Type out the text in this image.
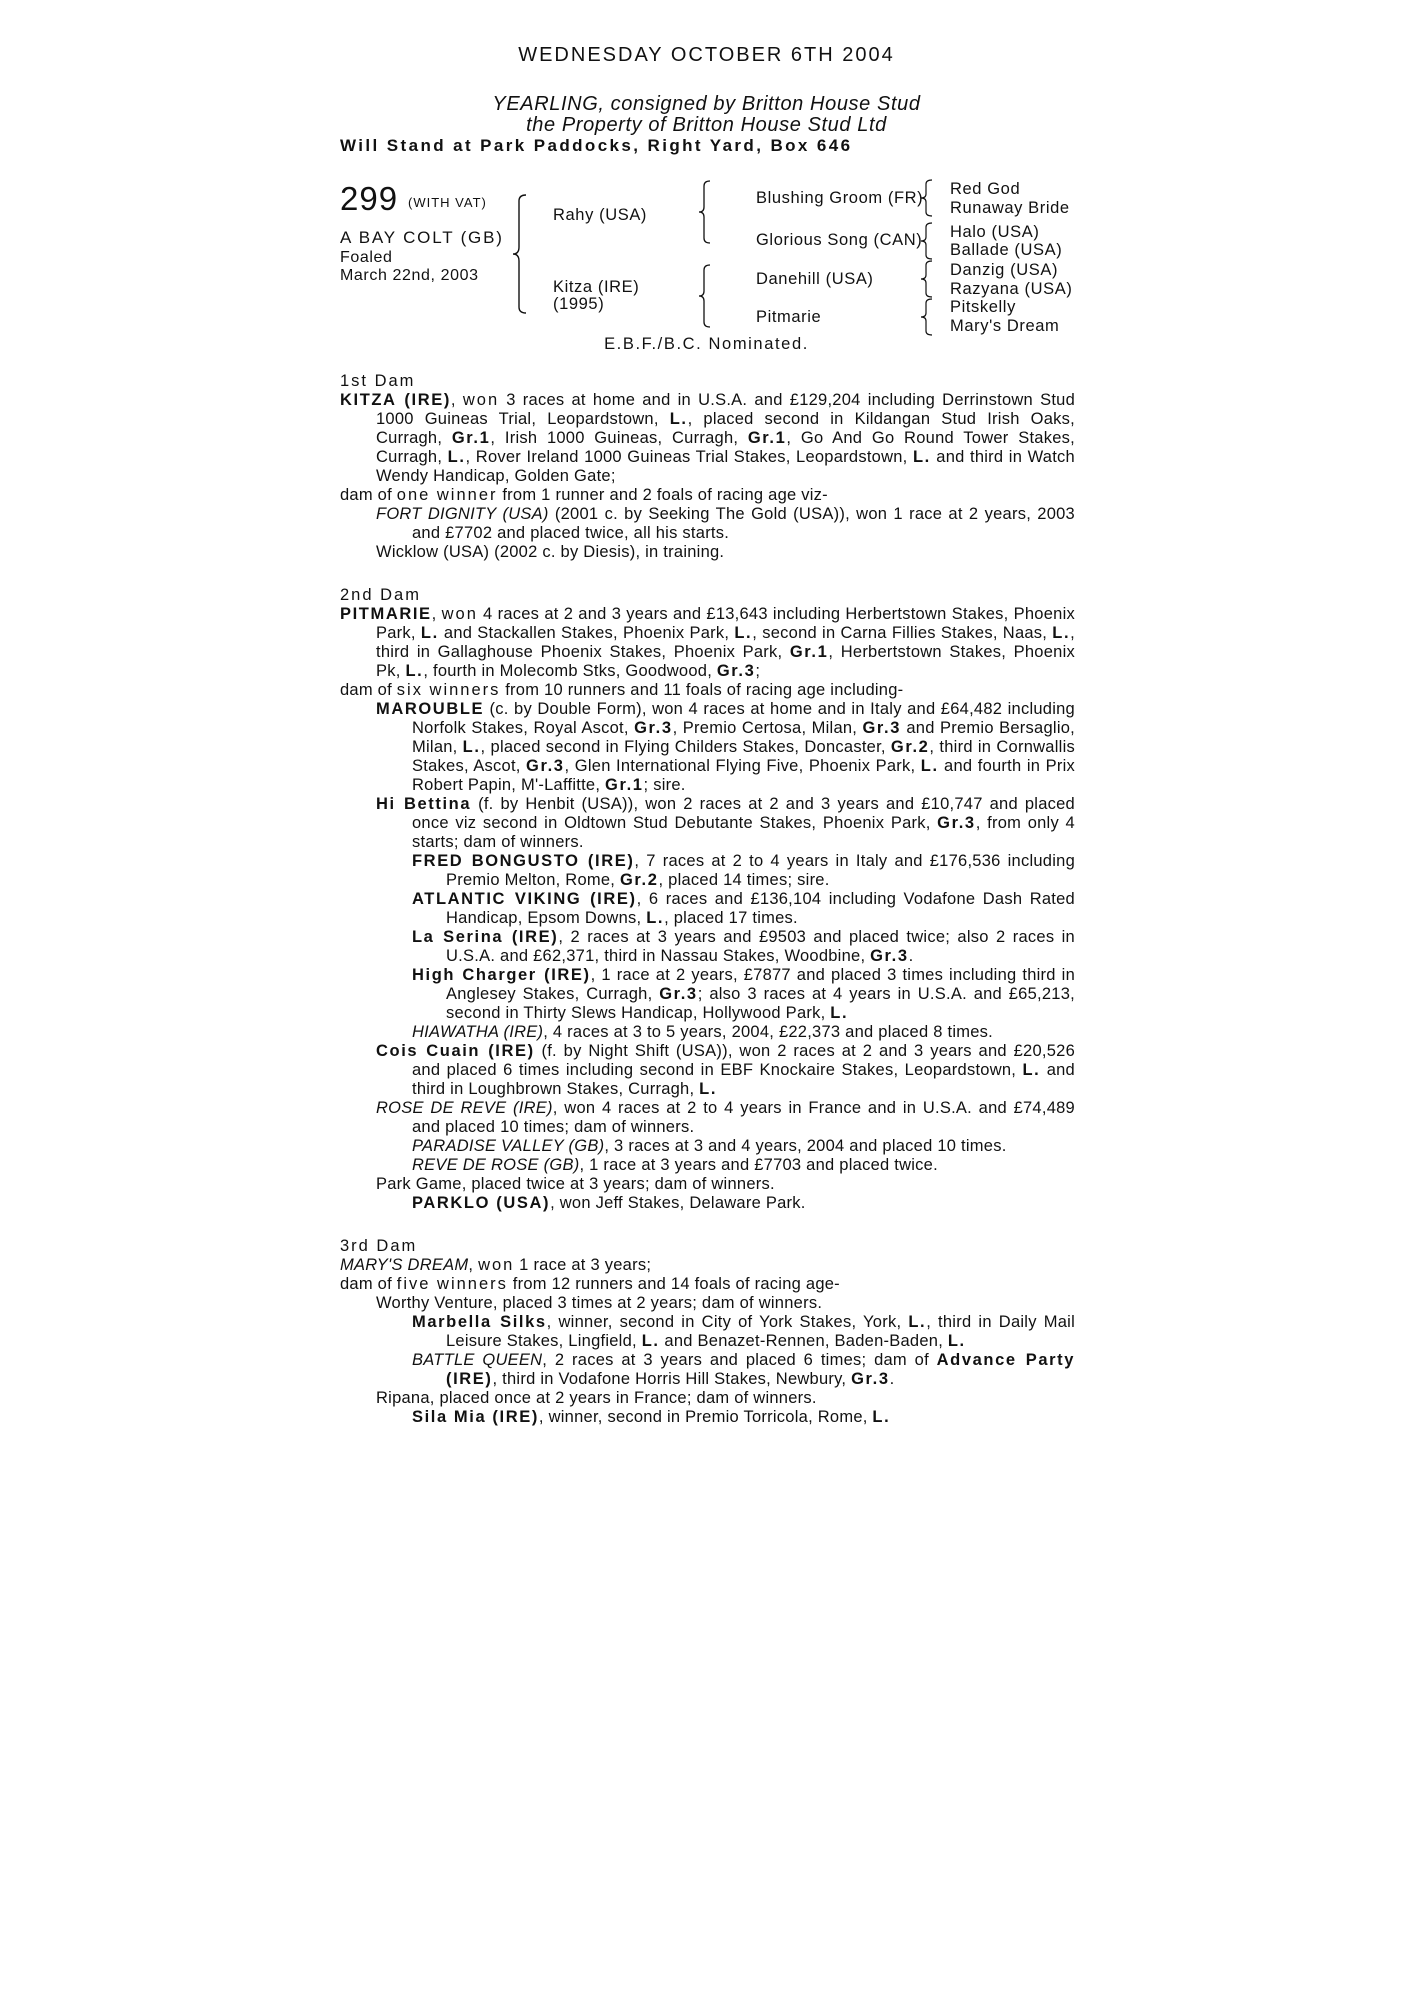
WEDNESDAY OCTOBER 6TH 2004
YEARLING, consigned by Britton House Stud
the Property of Britton House Stud Ltd
Will Stand at Park Paddocks, Right Yard, Box 646
299 (WITH VAT)
A BAY COLT (GB)
Foaled
March 22nd, 2003
Rahy (USA)
Kitza (IRE)
(1995)
Blushing Groom (FR)
Glorious Song (CAN)
Danehill (USA)
Pitmarie
Red God
Runaway Bride
Halo (USA)
Ballade (USA)
Danzig (USA)
Razyana (USA)
Pitskelly
Mary's Dream
E.B.F./B.C. Nominated.
1st Dam
KITZA (IRE), won 3 races at home and in U.S.A. and £129,204 including Derrinstown Stud 1000 Guineas Trial, Leopardstown, L., placed second in Kildangan Stud Irish Oaks, Curragh, Gr.1, Irish 1000 Guineas, Curragh, Gr.1, Go And Go Round Tower Stakes, Curragh, L., Rover Ireland 1000 Guineas Trial Stakes, Leopardstown, L. and third in Watch Wendy Handicap, Golden Gate;
dam of one winner from 1 runner and 2 foals of racing age viz-
FORT DIGNITY (USA) (2001 c. by Seeking The Gold (USA)), won 1 race at 2 years, 2003 and £7702 and placed twice, all his starts.
Wicklow (USA) (2002 c. by Diesis), in training.
2nd Dam
PITMARIE, won 4 races at 2 and 3 years and £13,643 including Herbertstown Stakes, Phoenix Park, L. and Stackallen Stakes, Phoenix Park, L., second in Carna Fillies Stakes, Naas, L., third in Gallaghouse Phoenix Stakes, Phoenix Park, Gr.1, Herbertstown Stakes, Phoenix Pk, L., fourth in Molecomb Stks, Goodwood, Gr.3;
dam of six winners from 10 runners and 11 foals of racing age including-
MAROUBLE (c. by Double Form), won 4 races at home and in Italy and £64,482 including Norfolk Stakes, Royal Ascot, Gr.3, Premio Certosa, Milan, Gr.3 and Premio Bersaglio, Milan, L., placed second in Flying Childers Stakes, Doncaster, Gr.2, third in Cornwallis Stakes, Ascot, Gr.3, Glen International Flying Five, Phoenix Park, L. and fourth in Prix Robert Papin, M'-Laffitte, Gr.1; sire.
Hi Bettina (f. by Henbit (USA)), won 2 races at 2 and 3 years and £10,747 and placed once viz second in Oldtown Stud Debutante Stakes, Phoenix Park, Gr.3, from only 4 starts; dam of winners.
FRED BONGUSTO (IRE), 7 races at 2 to 4 years in Italy and £176,536 including Premio Melton, Rome, Gr.2, placed 14 times; sire.
ATLANTIC VIKING (IRE), 6 races and £136,104 including Vodafone Dash Rated Handicap, Epsom Downs, L., placed 17 times.
La Serina (IRE), 2 races at 3 years and £9503 and placed twice; also 2 races in U.S.A. and £62,371, third in Nassau Stakes, Woodbine, Gr.3.
High Charger (IRE), 1 race at 2 years, £7877 and placed 3 times including third in Anglesey Stakes, Curragh, Gr.3; also 3 races at 4 years in U.S.A. and £65,213, second in Thirty Slews Handicap, Hollywood Park, L.
HIAWATHA (IRE), 4 races at 3 to 5 years, 2004, £22,373 and placed 8 times.
Cois Cuain (IRE) (f. by Night Shift (USA)), won 2 races at 2 and 3 years and £20,526 and placed 6 times including second in EBF Knockaire Stakes, Leopardstown, L. and third in Loughbrown Stakes, Curragh, L.
ROSE DE REVE (IRE), won 4 races at 2 to 4 years in France and in U.S.A. and £74,489 and placed 10 times; dam of winners.
PARADISE VALLEY (GB), 3 races at 3 and 4 years, 2004 and placed 10 times.
REVE DE ROSE (GB), 1 race at 3 years and £7703 and placed twice.
Park Game, placed twice at 3 years; dam of winners.
PARKLO (USA), won Jeff Stakes, Delaware Park.
3rd Dam
MARY'S DREAM, won 1 race at 3 years;
dam of five winners from 12 runners and 14 foals of racing age-
Worthy Venture, placed 3 times at 2 years; dam of winners.
Marbella Silks, winner, second in City of York Stakes, York, L., third in Daily Mail Leisure Stakes, Lingfield, L. and Benazet-Rennen, Baden-Baden, L.
BATTLE QUEEN, 2 races at 3 years and placed 6 times; dam of Advance Party (IRE), third in Vodafone Horris Hill Stakes, Newbury, Gr.3.
Ripana, placed once at 2 years in France; dam of winners.
Sila Mia (IRE), winner, second in Premio Torricola, Rome, L.
